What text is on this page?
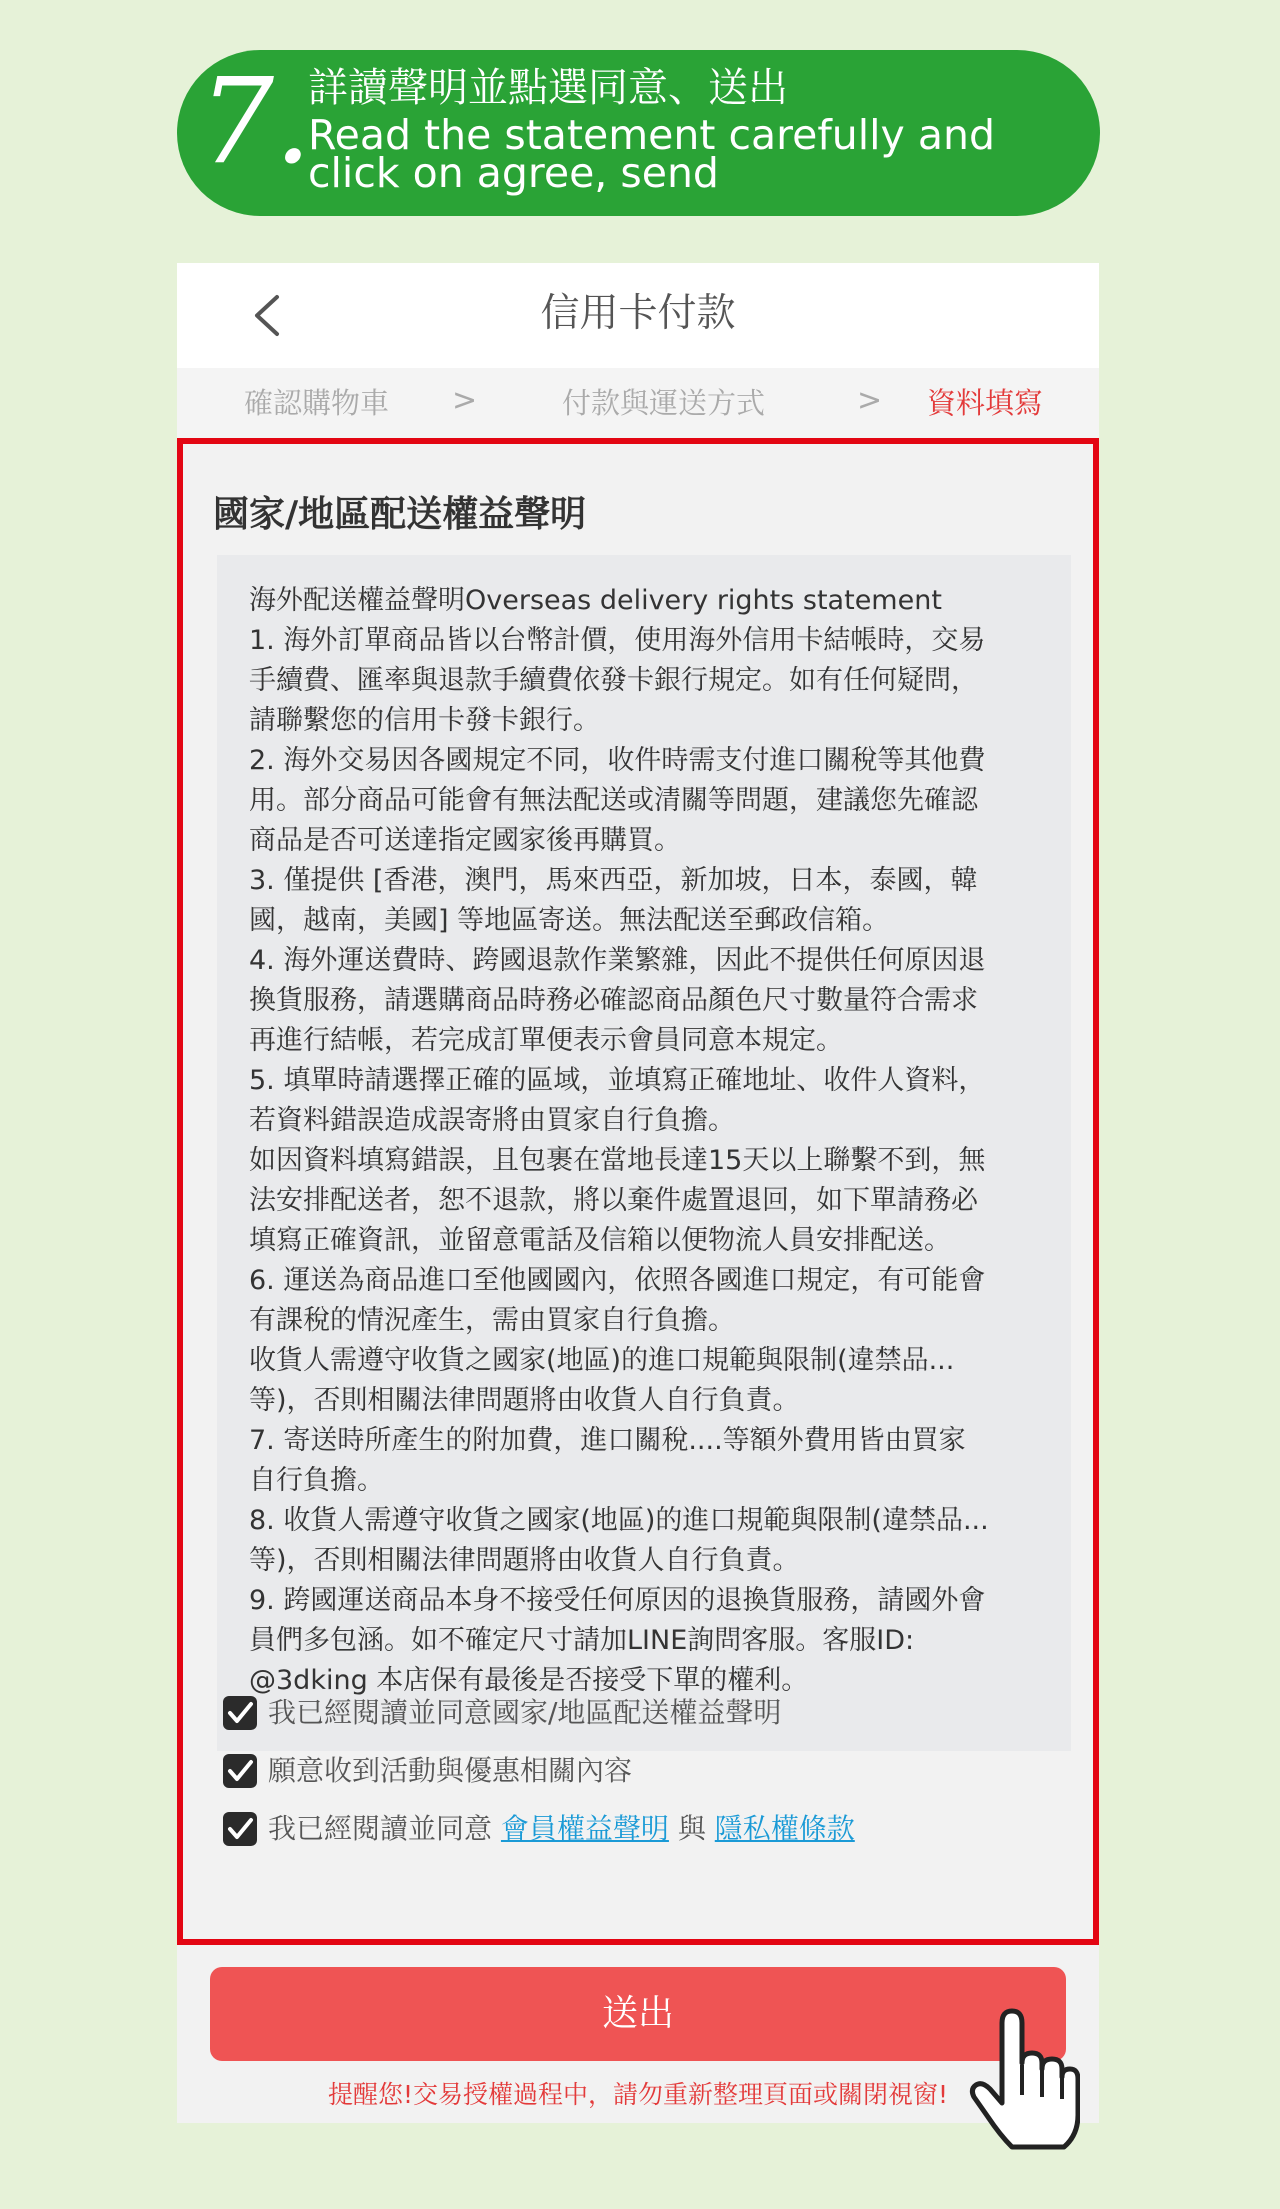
7.
詳讀聲明並點選同意、送出
Read the statement carefully and click on agree, send
信用卡付款
確認購物車 >	付款與運送方式	> 資料填寫
國家/地區配送權益聲明

海外配送權益聲明Overseas delivery rights statement

1. 海外訂單商品皆以台幣計價，使用海外信用卡結帳時，交易

手續費、匯率與退款手續費依發卡銀行規定。如有任何疑問，

請聯繫您的信用卡發卡銀行。

2. 海外交易因各國規定不同，收件時需支付進口關稅等其他費

用。部分商品可能會有無法配送或清關等問題，建議您先確認

商品是否可送達指定國家後再購買。

3. 僅提供 [香港，澳門，馬來西亞，新加坡，日本，泰國，韓

國，越南，美國] 等地區寄送。無法配送至郵政信箱。

4. 海外運送費時、跨國退款作業繁雜，因此不提供任何原因退

換貨服務，請選購商品時務必確認商品顏色尺寸數量符合需求

再進行結帳，若完成訂單便表示會員同意本規定。

5. 填單時請選擇正確的區域，並填寫正確地址、收件人資料，

若資料錯誤造成誤寄將由買家自行負擔。

如因資料填寫錯誤，且包裹在當地長達15天以上聯繫不到，無

法安排配送者，恕不退款，將以棄件處置退回，如下單請務必

填寫正確資訊，並留意電話及信箱以便物流人員安排配送。

6. 運送為商品進口至他國國內，依照各國進口規定，有可能會

有課稅的情況產生，需由買家自行負擔。

收貨人需遵守收貨之國家(地區)的進口規範與限制(違禁品...

等)，否則相關法律問題將由收貨人自行負責。

7. 寄送時所產生的附加費，進口關稅....等額外費用皆由買家

自行負擔。

8. 收貨人需遵守收貨之國家(地區)的進口規範與限制(違禁品...

等)，否則相關法律問題將由收貨人自行負責。

9. 跨國運送商品本身不接受任何原因的退換貨服務，請國外會

員們多包涵。如不確定尺寸請加LINE詢問客服。客服ID:

@3dking 本店保有最後是否接受下單的權利。

我已經閱讀並同意國家/地區配送權益聲明
願意收到活動與優惠相關內容
我已經閱讀並同意 會員權益聲明 與 隱私權條款
送出
提醒您!交易授權過程中，請勿重新整理頁面或關閉視窗!
